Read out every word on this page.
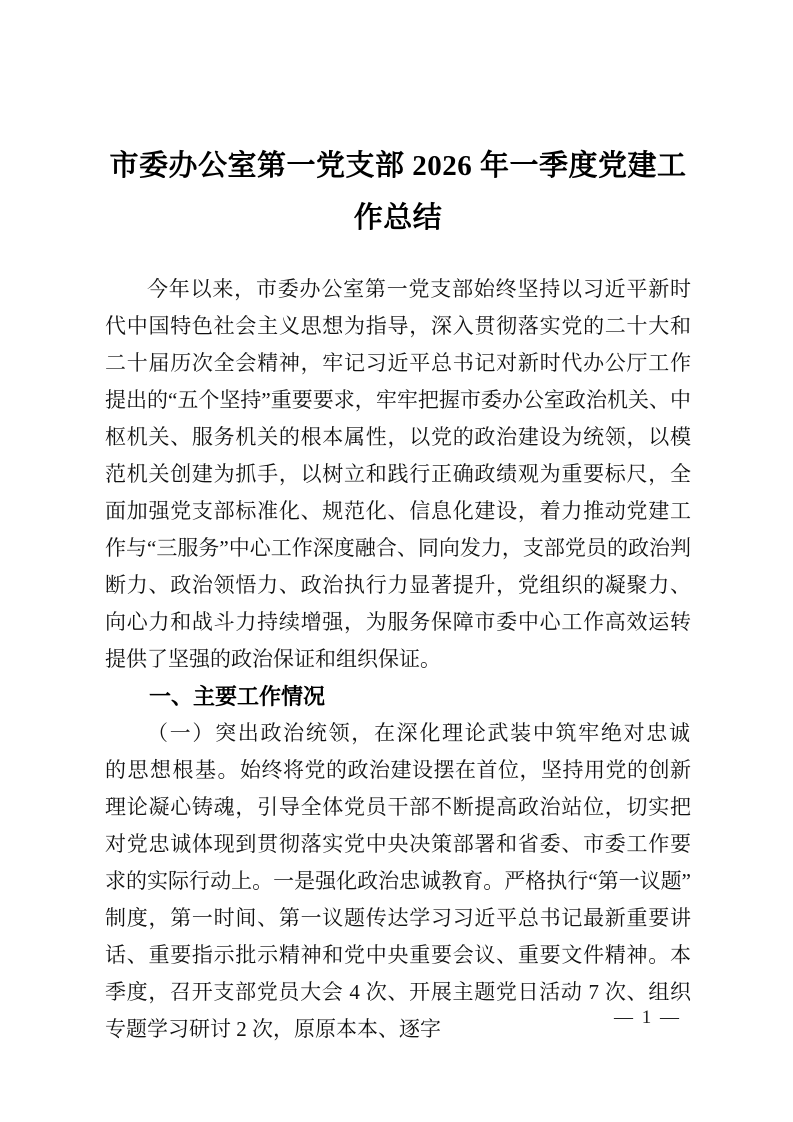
市委办公室第一党支部 2026 年一季度党建工作总结

今年以来，市委办公室第一党支部始终坚持以习近平新时代中国特色社会主义思想为指导，深入贯彻落实党的二十大和二十届历次全会精神，牢记习近平总书记对新时代办公厅工作提出的“五个坚持”重要要求，牢牢把握市委办公室政治机关、中枢机关、服务机关的根本属性，以党的政治建设为统领，以模范机关创建为抓手，以树立和践行正确政绩观为重要标尺，全面加强党支部标准化、规范化、信息化建设，着力推动党建工作与“三服务”中心工作深度融合、同向发力，支部党员的政治判断力、政治领悟力、政治执行力显著提升，党组织的凝聚力、向心力和战斗力持续增强，为服务保障市委中心工作高效运转提供了坚强的政治保证和组织保证。

一、主要工作情况

（一）突出政治统领，在深化理论武装中筑牢绝对忠诚的思想根基。始终将党的政治建设摆在首位，坚持用党的创新理论凝心铸魂，引导全体党员干部不断提高政治站位，切实把对党忠诚体现到贯彻落实党中央决策部署和省委、市委工作要求的实际行动上。一是强化政治忠诚教育。严格执行“第一议题”制度，第一时间、第一议题传达学习习近平总书记最新重要讲话、重要指示批示精神和党中央重要会议、重要文件精神。本季度，召开支部党员大会 4 次、开展主题党日活动 7 次、组织专题学习研讨 2 次，原原本本、逐字	— 1 —
